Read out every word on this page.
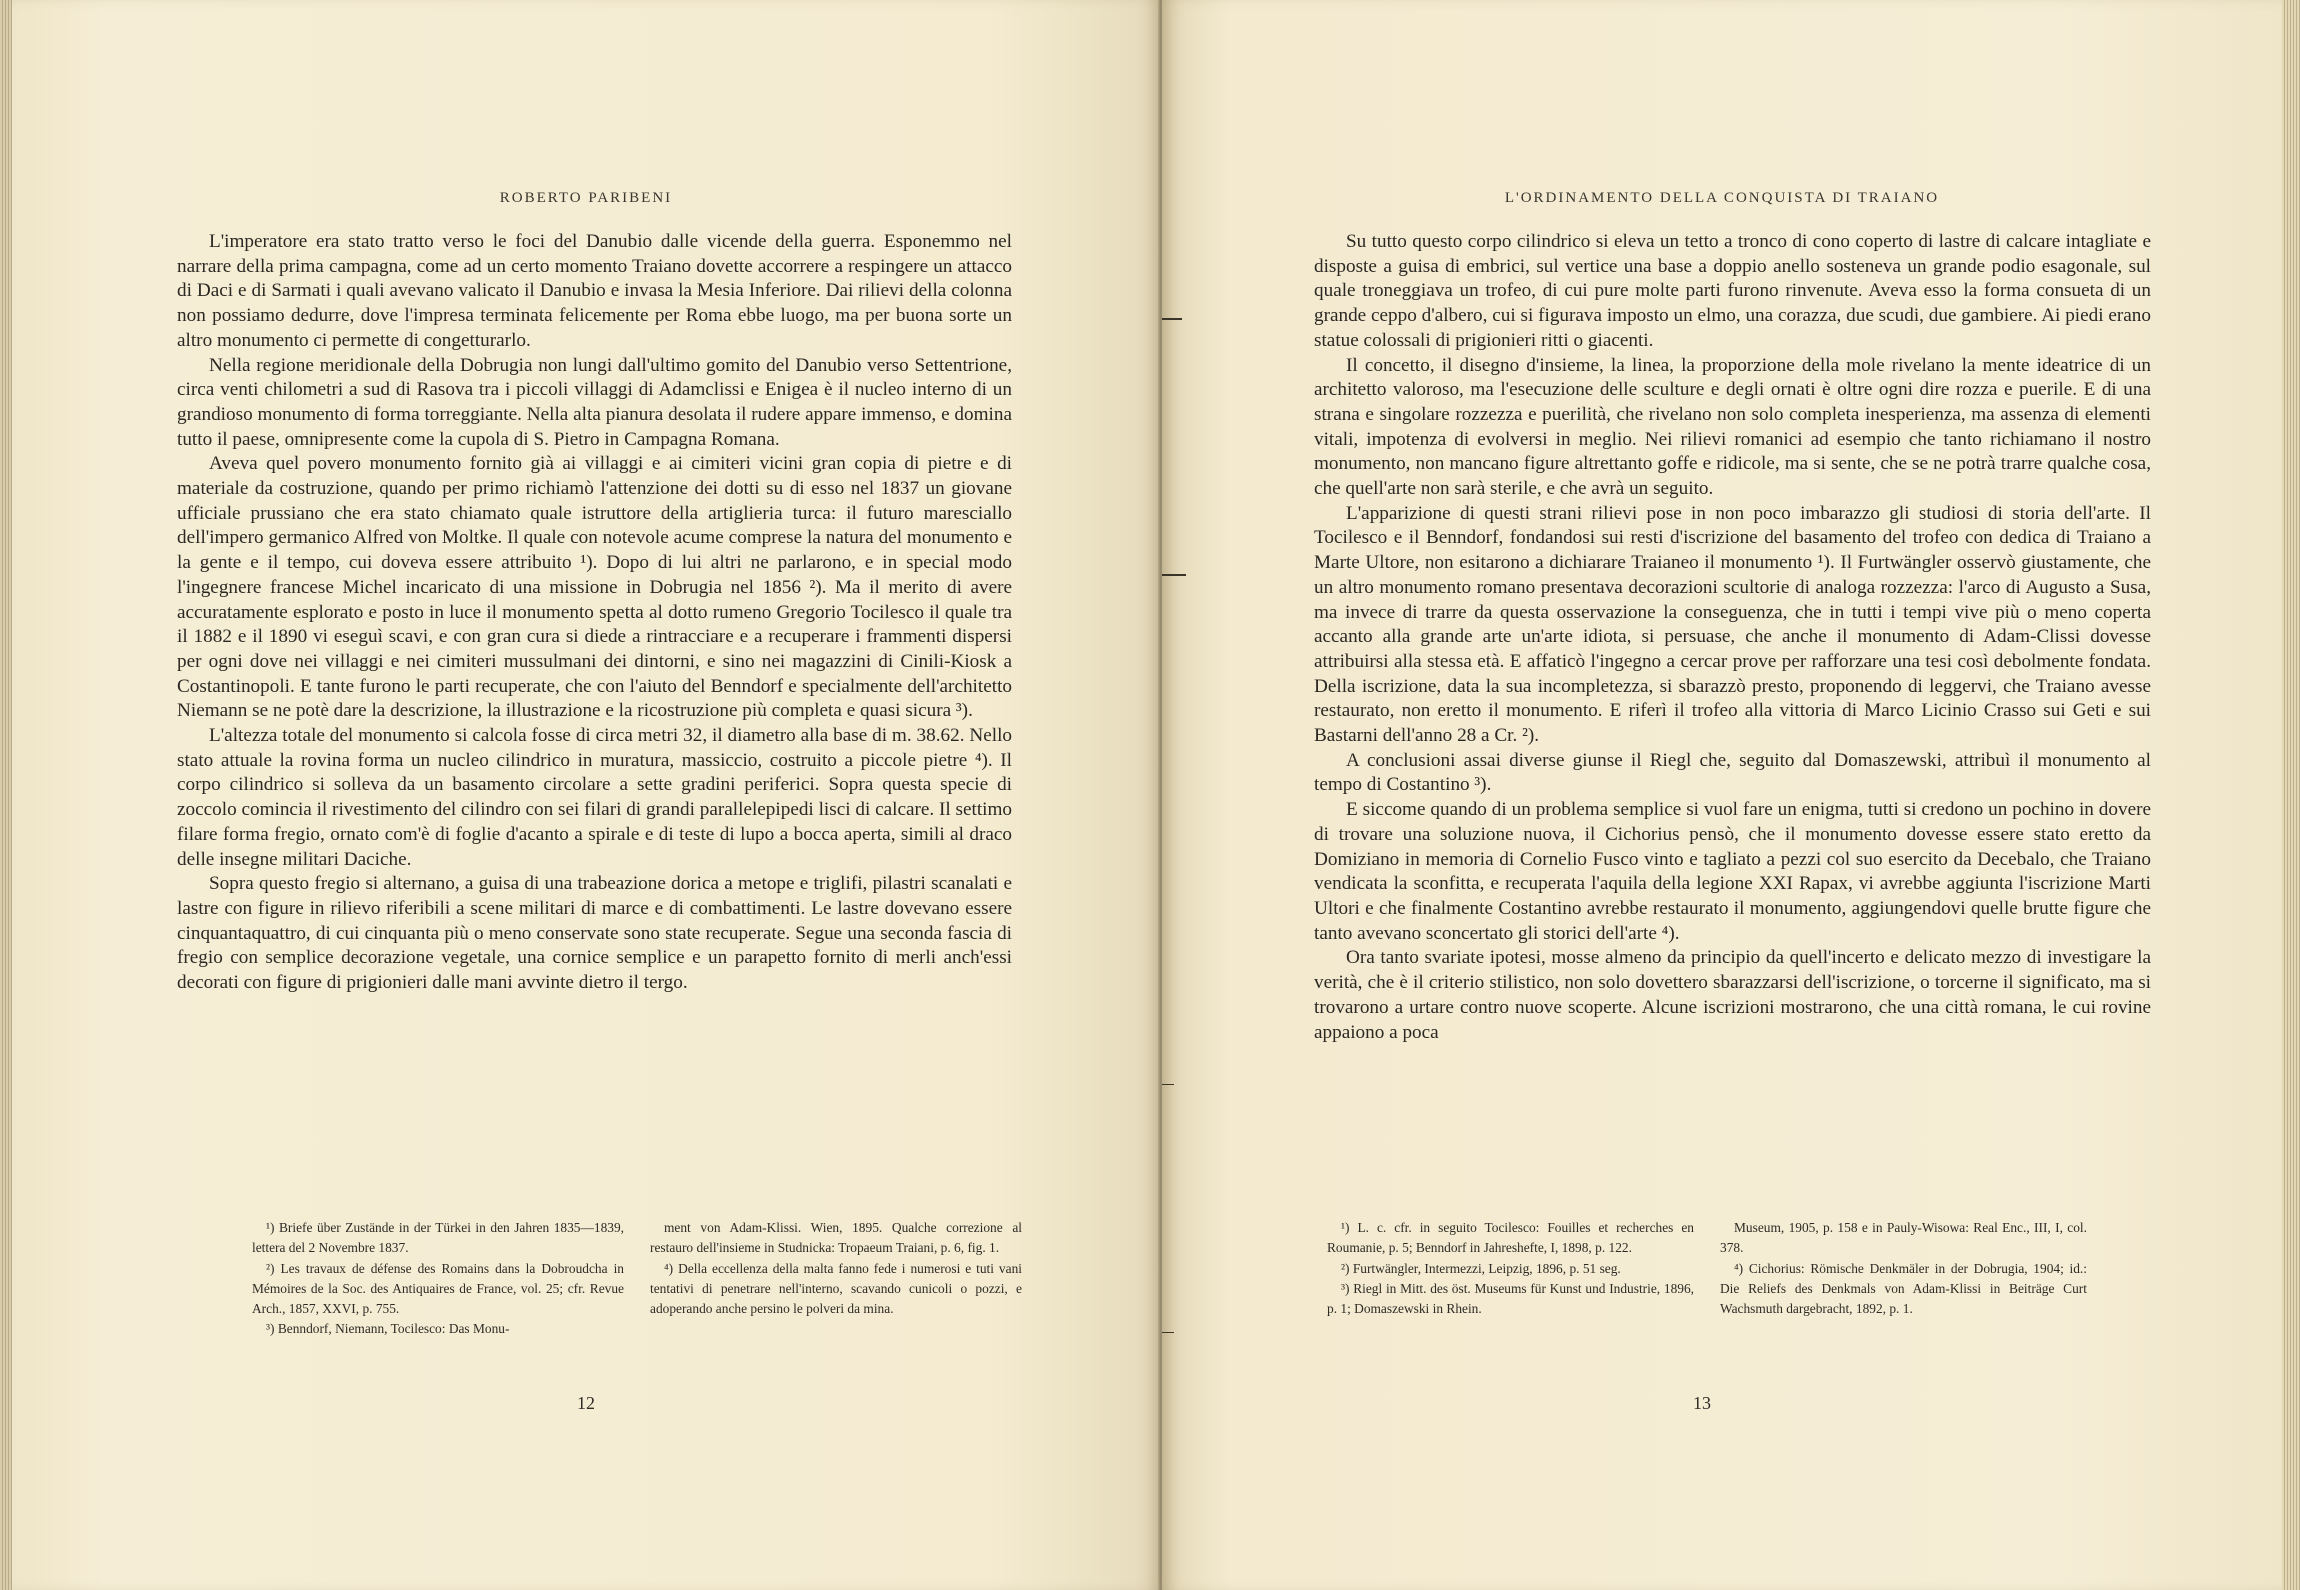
ROBERTO PARIBENI

L'imperatore era stato tratto verso le foci del Danubio dalle vicende della guerra. Esponemmo nel narrare della prima campagna, come ad un certo momento Traiano dovette accorrere a respingere un attacco di Daci e di Sarmati i quali avevano valicato il Danubio e invasa la Mesia Inferiore. Dai rilievi della colonna non possiamo dedurre, dove l'impresa terminata felicemente per Roma ebbe luogo, ma per buona sorte un altro monumento ci permette di congetturarlo.

Nella regione meridionale della Dobrugia non lungi dall'ultimo gomito del Danubio verso Settentrione, circa venti chilometri a sud di Rasova tra i piccoli villaggi di Adamclissi e Enigea è il nucleo interno di un grandioso monumento di forma torreggiante. Nella alta pianura desolata il rudere appare immenso, e domina tutto il paese, omnipresente come la cupola di S. Pietro in Campagna Romana.

Aveva quel povero monumento fornito già ai villaggi e ai cimiteri vicini gran copia di pietre e di materiale da costruzione, quando per primo richiamò l'attenzione dei dotti su di esso nel 1837 un giovane ufficiale prussiano che era stato chiamato quale istruttore della artiglieria turca: il futuro maresciallo dell'impero germanico Alfred von Moltke. Il quale con notevole acume comprese la natura del monumento e la gente e il tempo, cui doveva essere attribuito ¹). Dopo di lui altri ne parlarono, e in special modo l'ingegnere francese Michel incaricato di una missione in Dobrugia nel 1856 ²). Ma il merito di avere accuratamente esplorato e posto in luce il monumento spetta al dotto rumeno Gregorio Tocilesco il quale tra il 1882 e il 1890 vi eseguì scavi, e con gran cura si diede a rintracciare e a recuperare i frammenti dispersi per ogni dove nei villaggi e nei cimiteri mussulmani dei dintorni, e sino nei magazzini di Cinili-Kiosk a Costantinopoli. E tante furono le parti recuperate, che con l'aiuto del Benndorf e specialmente dell'architetto Niemann se ne potè dare la descrizione, la illustrazione e la ricostruzione più completa e quasi sicura ³).

L'altezza totale del monumento si calcola fosse di circa metri 32, il diametro alla base di m. 38.62. Nello stato attuale la rovina forma un nucleo cilindrico in muratura, massiccio, costruito a piccole pietre ⁴). Il corpo cilindrico si solleva da un basamento circolare a sette gradini periferici. Sopra questa specie di zoccolo comincia il rivestimento del cilindro con sei filari di grandi parallelepipedi lisci di calcare. Il settimo filare forma fregio, ornato com'è di foglie d'acanto a spirale e di teste di lupo a bocca aperta, simili al draco delle insegne militari Daciche.

Sopra questo fregio si alternano, a guisa di una trabeazione dorica a metope e triglifi, pilastri scanalati e lastre con figure in rilievo riferibili a scene militari di marce e di combattimenti. Le lastre dovevano essere cinquantaquattro, di cui cinquanta più o meno conservate sono state recuperate. Segue una seconda fascia di fregio con semplice decorazione vegetale, una cornice semplice e un parapetto fornito di merli anch'essi decorati con figure di prigionieri dalle mani avvinte dietro il tergo.

¹) Briefe über Zustände in der Türkei in den Jahren 1835—1839, lettera del 2 Novembre 1837.

²) Les travaux de défense des Romains dans la Dobroudcha in Mémoires de la Soc. des Antiquaires de France, vol. 25; cfr. Revue Arch., 1857, XXVI, p. 755.

³) Benndorf, Niemann, Tocilesco: Das Monu-

ment von Adam-Klissi. Wien, 1895. Qualche correzione al restauro dell'insieme in Studnicka: Tropaeum Traiani, p. 6, fig. 1.

⁴) Della eccellenza della malta fanno fede i numerosi e tuti vani tentativi di penetrare nell'interno, scavando cunicoli o pozzi, e adoperando anche persino le polveri da mina.

12
L'ORDINAMENTO DELLA CONQUISTA DI TRAIANO

Su tutto questo corpo cilindrico si eleva un tetto a tronco di cono coperto di lastre di calcare intagliate e disposte a guisa di embrici, sul vertice una base a doppio anello sosteneva un grande podio esagonale, sul quale troneggiava un trofeo, di cui pure molte parti furono rinvenute. Aveva esso la forma consueta di un grande ceppo d'albero, cui si figurava imposto un elmo, una corazza, due scudi, due gambiere. Ai piedi erano statue colossali di prigionieri ritti o giacenti.

Il concetto, il disegno d'insieme, la linea, la proporzione della mole rivelano la mente ideatrice di un architetto valoroso, ma l'esecuzione delle sculture e degli ornati è oltre ogni dire rozza e puerile. E di una strana e singolare rozzezza e puerilità, che rivelano non solo completa inesperienza, ma assenza di elementi vitali, impotenza di evolversi in meglio. Nei rilievi romanici ad esempio che tanto richiamano il nostro monumento, non mancano figure altrettanto goffe e ridicole, ma si sente, che se ne potrà trarre qualche cosa, che quell'arte non sarà sterile, e che avrà un seguito.

L'apparizione di questi strani rilievi pose in non poco imbarazzo gli studiosi di storia dell'arte. Il Tocilesco e il Benndorf, fondandosi sui resti d'iscrizione del basamento del trofeo con dedica di Traiano a Marte Ultore, non esitarono a dichiarare Traianeo il monumento ¹). Il Furtwängler osservò giustamente, che un altro monumento romano presentava decorazioni scultorie di analoga rozzezza: l'arco di Augusto a Susa, ma invece di trarre da questa osservazione la conseguenza, che in tutti i tempi vive più o meno coperta accanto alla grande arte un'arte idiota, si persuase, che anche il monumento di Adam-Clissi dovesse attribuirsi alla stessa età. E affaticò l'ingegno a cercar prove per rafforzare una tesi così debolmente fondata. Della iscrizione, data la sua incompletezza, si sbarazzò presto, proponendo di leggervi, che Traiano avesse restaurato, non eretto il monumento. E riferì il trofeo alla vittoria di Marco Licinio Crasso sui Geti e sui Bastarni dell'anno 28 a Cr. ²).

A conclusioni assai diverse giunse il Riegl che, seguito dal Domaszewski, attribuì il monumento al tempo di Costantino ³).

E siccome quando di un problema semplice si vuol fare un enigma, tutti si credono un pochino in dovere di trovare una soluzione nuova, il Cichorius pensò, che il monumento dovesse essere stato eretto da Domiziano in memoria di Cornelio Fusco vinto e tagliato a pezzi col suo esercito da Decebalo, che Traiano vendicata la sconfitta, e recuperata l'aquila della legione XXI Rapax, vi avrebbe aggiunta l'iscrizione Marti Ultori e che finalmente Costantino avrebbe restaurato il monumento, aggiungendovi quelle brutte figure che tanto avevano sconcertato gli storici dell'arte ⁴).

Ora tanto svariate ipotesi, mosse almeno da principio da quell'incerto e delicato mezzo di investigare la verità, che è il criterio stilistico, non solo dovettero sbarazzarsi dell'iscrizione, o torcerne il significato, ma si trovarono a urtare contro nuove scoperte. Alcune iscrizioni mostrarono, che una città romana, le cui rovine appaiono a poca

¹) L. c. cfr. in seguito Tocilesco: Fouilles et recherches en Roumanie, p. 5; Benndorf in Jahreshefte, I, 1898, p. 122.

²) Furtwängler, Intermezzi, Leipzig, 1896, p. 51 seg.

³) Riegl in Mitt. des öst. Museums für Kunst und Industrie, 1896, p. 1; Domaszewski in Rhein.

Museum, 1905, p. 158 e in Pauly-Wisowa: Real Enc., III, I, col. 378.

⁴) Cichorius: Römische Denkmäler in der Dobrugia, 1904; id.: Die Reliefs des Denkmals von Adam-Klissi in Beiträge Curt Wachsmuth dargebracht, 1892, p. 1.

13
